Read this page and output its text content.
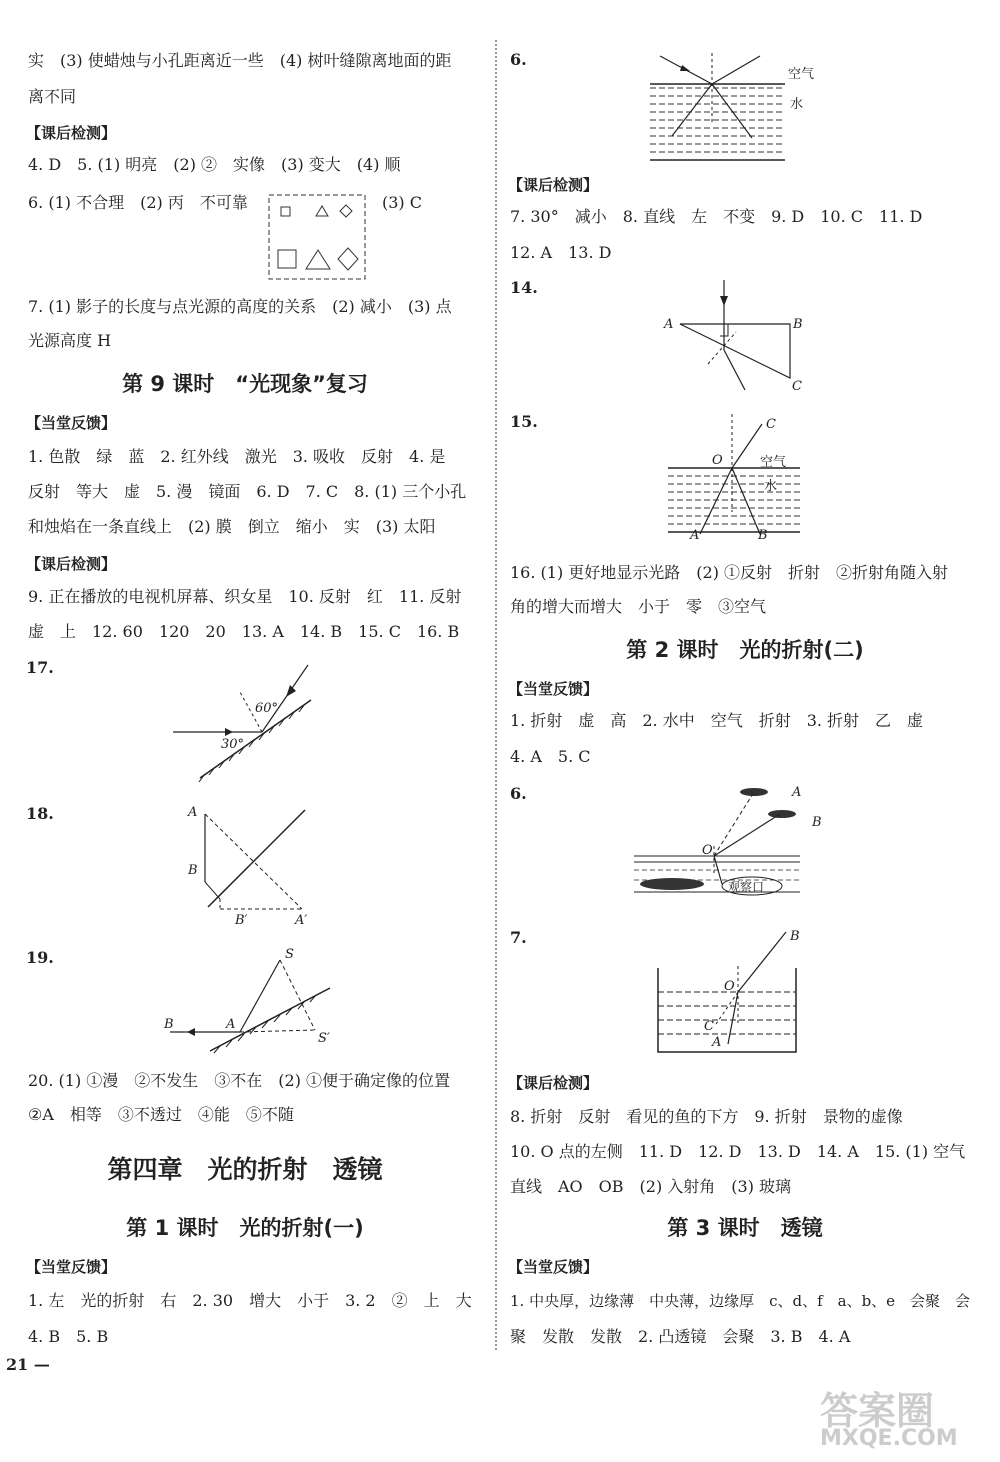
实　(3) 使蜡烛与小孔距离近一些　(4) 树叶缝隙离地面的距
离不同
【课后检测】
4. D　5. (1) 明亮　(2) ②　实像　(3) 变大　(4) 顺
6. (1) 不合理　(2) 丙　不可靠	(3) C
7. (1) 影子的长度与点光源的高度的关系　(2) 减小　(3) 点
光源高度 H
第 9 课时　“光现象”复习
【当堂反馈】
1. 色散　绿　蓝　2. 红外线　激光　3. 吸收　反射　4. 是
反射　等大　虚　5. 漫　镜面　6. D　7. C　8. (1) 三个小孔
和烛焰在一条直线上　(2) 膜　倒立　缩小　实　(3) 太阳
【课后检测】
9. 正在播放的电视机屏幕、织女星　10. 反射　红　11. 反射
虚　上　12. 60　120　20　13. A　14. B　15. C　16. B
17.
60°
30°
18.	A
B
B′	A′
19.	S
S′
B	A
20. (1) ①漫　②不发生　③不在　(2) ①便于确定像的位置
②A　相等　③不透过　④能　⑤不随
第四章　光的折射　透镜
第 1 课时　光的折射(一)
【当堂反馈】
1. 左　光的折射　右　2. 30　增大　小于　3. 2　②　上　大
4. B　5. B
6.
空气
水
【课后检测】
7. 30°　减小　8. 直线　左　不变　9. D　10. C　11. D
12. A　13. D
14.
A	B
C
15.	C
O	空气
水
A	B
16. (1) 更好地显示光路　(2) ①反射　折射　②折射角随入射
角的增大而增大　小于　零　③空气
第 2 课时　光的折射(二)
【当堂反馈】
1. 折射　虚　高　2. 水中　空气　折射　3. 折射　乙　虚
4. A　5. C
6.
观察口
O
A
B
7.	B
O
C
A
【课后检测】
8. 折射　反射　看见的鱼的下方　9. 折射　景物的虚像
10. O 点的左侧　11. D　12. D　13. D　14. A　15. (1) 空气
直线　AO　OB　(2) 入射角　(3) 玻璃
第 3 课时　透镜
【当堂反馈】
1. 中央厚，边缘薄　中央薄，边缘厚　c、d、f　a、b、e　会聚　会
聚　发散　发散　2. 凸透镜　会聚　3. B　4. A
21 —
答案圈
MXQE.COM
